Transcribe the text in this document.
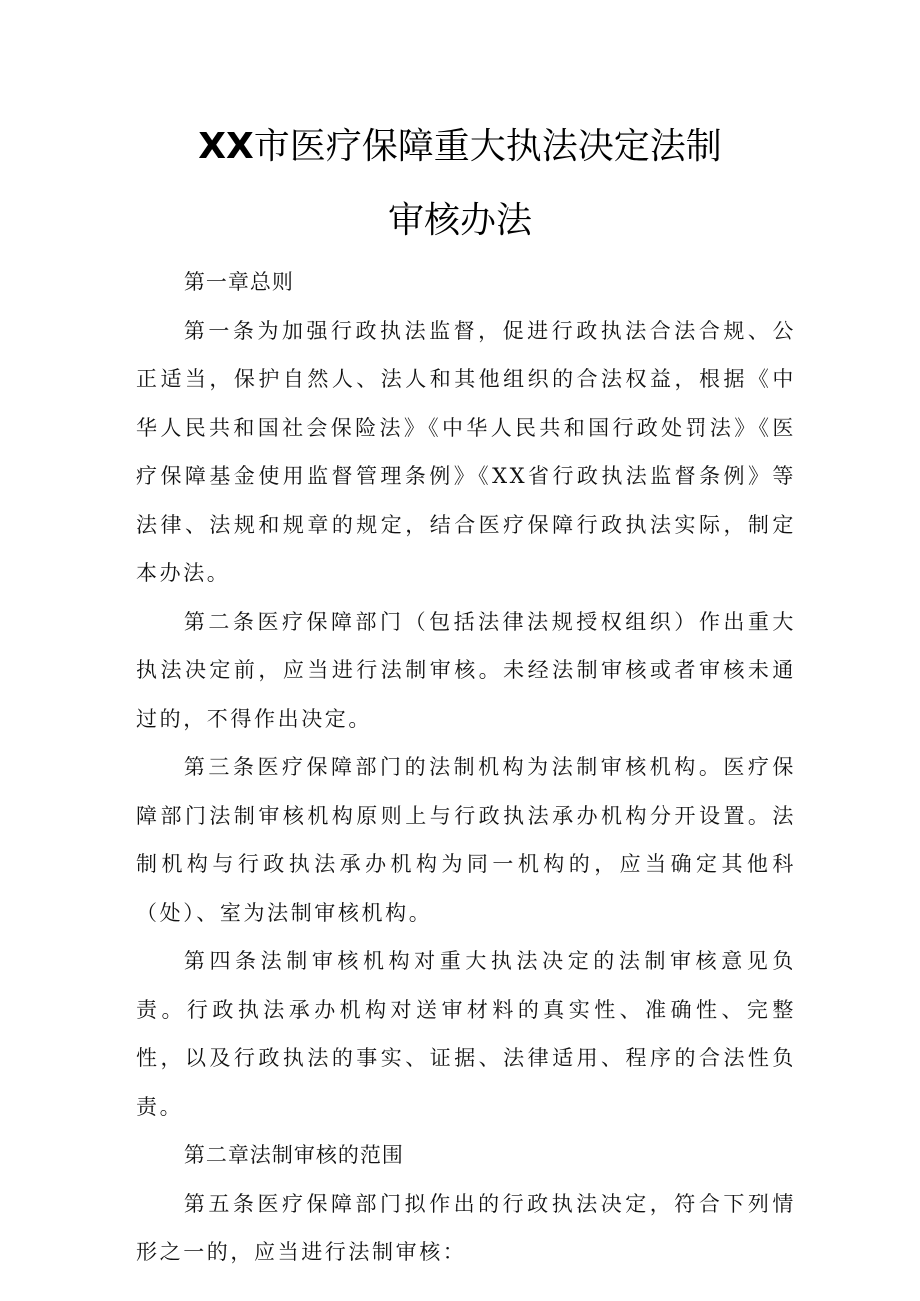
XX市医疗保障重大执法决定法制
审核办法

第一章总则

第一条为加强行政执法监督，促进行政执法合法合规、公正适当，保护自然人、法人和其他组织的合法权益，根据《中华人民共和国社会保险法》《中华人民共和国行政处罚法》《医疗保障基金使用监督管理条例》《XX省行政执法监督条例》等法律、法规和规章的规定，结合医疗保障行政执法实际，制定本办法。

第二条医疗保障部门（包括法律法规授权组织）作出重大执法决定前，应当进行法制审核。未经法制审核或者审核未通过的，不得作出决定。

第三条医疗保障部门的法制机构为法制审核机构。医疗保障部门法制审核机构原则上与行政执法承办机构分开设置。法制机构与行政执法承办机构为同一机构的，应当确定其他科（处）、室为法制审核机构。

第四条法制审核机构对重大执法决定的法制审核意见负责。行政执法承办机构对送审材料的真实性、准确性、完整性，以及行政执法的事实、证据、法律适用、程序的合法性负责。

第二章法制审核的范围

第五条医疗保障部门拟作出的行政执法决定，符合下列情形之一的，应当进行法制审核：
